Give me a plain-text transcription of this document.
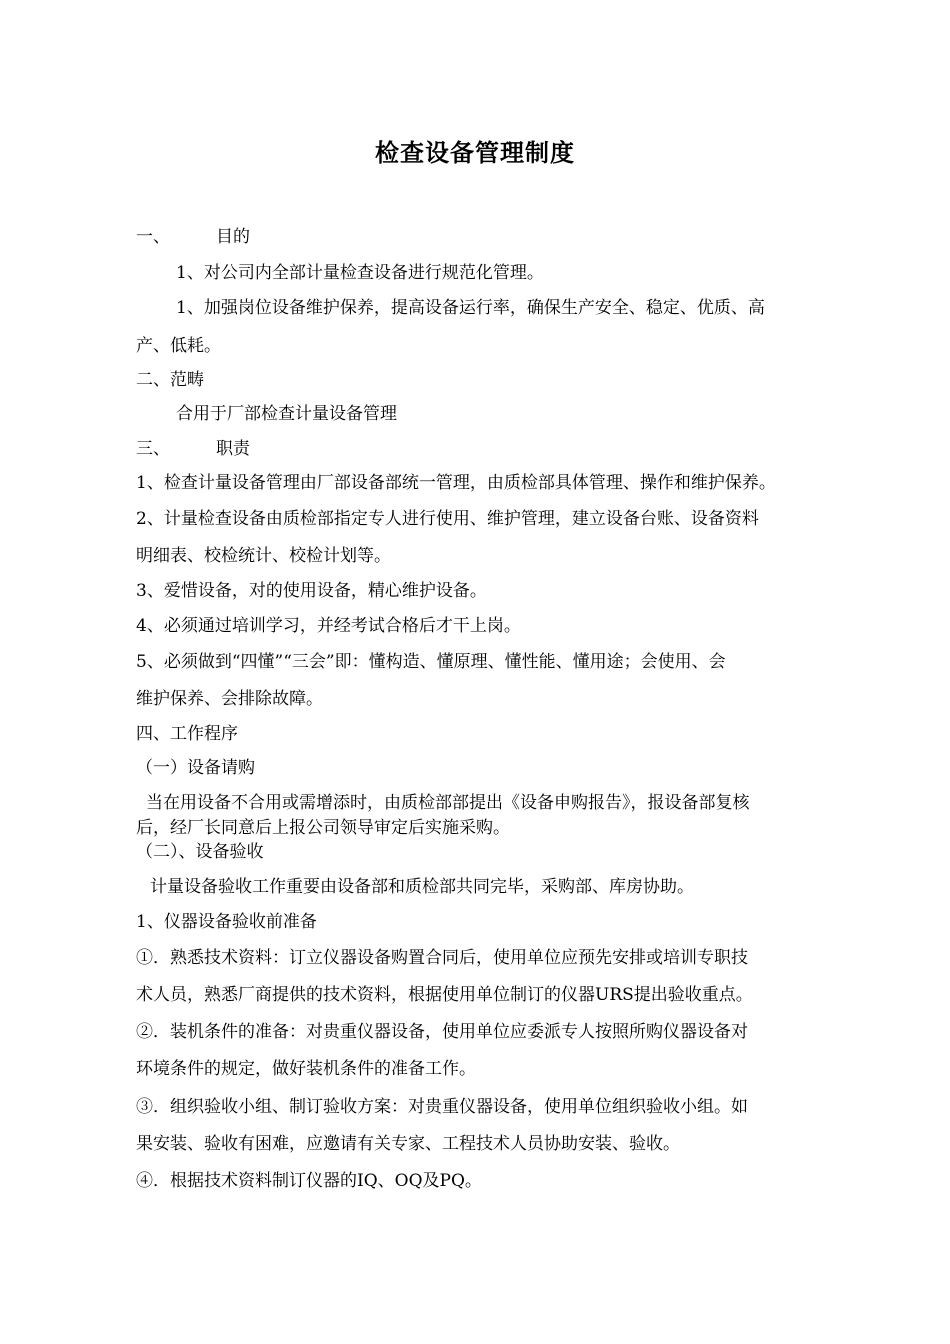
检查设备管理制度
一、	目的
1、对公司内全部计量检查设备进行规范化管理。
1、加强岗位设备维护保养，提高设备运行率，确保生产安全、稳定、优质、高
产、低耗。
二、范畴
合用于厂部检查计量设备管理
三、	职责
1、检查计量设备管理由厂部设备部统一管理，由质检部具体管理、操作和维护保养。
2、计量检查设备由质检部指定专人进行使用、维护管理，建立设备台账、设备资料
明细表、校检统计、校检计划等。
3、爱惜设备，对的使用设备，精心维护设备。
4、必须通过培训学习，并经考试合格后才干上岗。
5、必须做到“四懂”“三会”即：懂构造、懂原理、懂性能、懂用途；会使用、会
维护保养、会排除故障。
四、工作程序
（一）设备请购
当在用设备不合用或需增添时，由质检部部提出《设备申购报告》，报设备部复核
后，经厂长同意后上报公司领导审定后实施采购。
（二）、设备验收
计量设备验收工作重要由设备部和质检部共同完毕，采购部、库房协助。
1、仪器设备验收前准备
①．熟悉技术资料：订立仪器设备购置合同后，使用单位应预先安排或培训专职技
术人员，熟悉厂商提供的技术资料，根据使用单位制订的仪器URS提出验收重点。
②．装机条件的准备：对贵重仪器设备，使用单位应委派专人按照所购仪器设备对
环境条件的规定，做好装机条件的准备工作。
③．组织验收小组、制订验收方案：对贵重仪器设备，使用单位组织验收小组。如
果安装、验收有困难，应邀请有关专家、工程技术人员协助安装、验收。
④．根据技术资料制订仪器的IQ、OQ及PQ。
